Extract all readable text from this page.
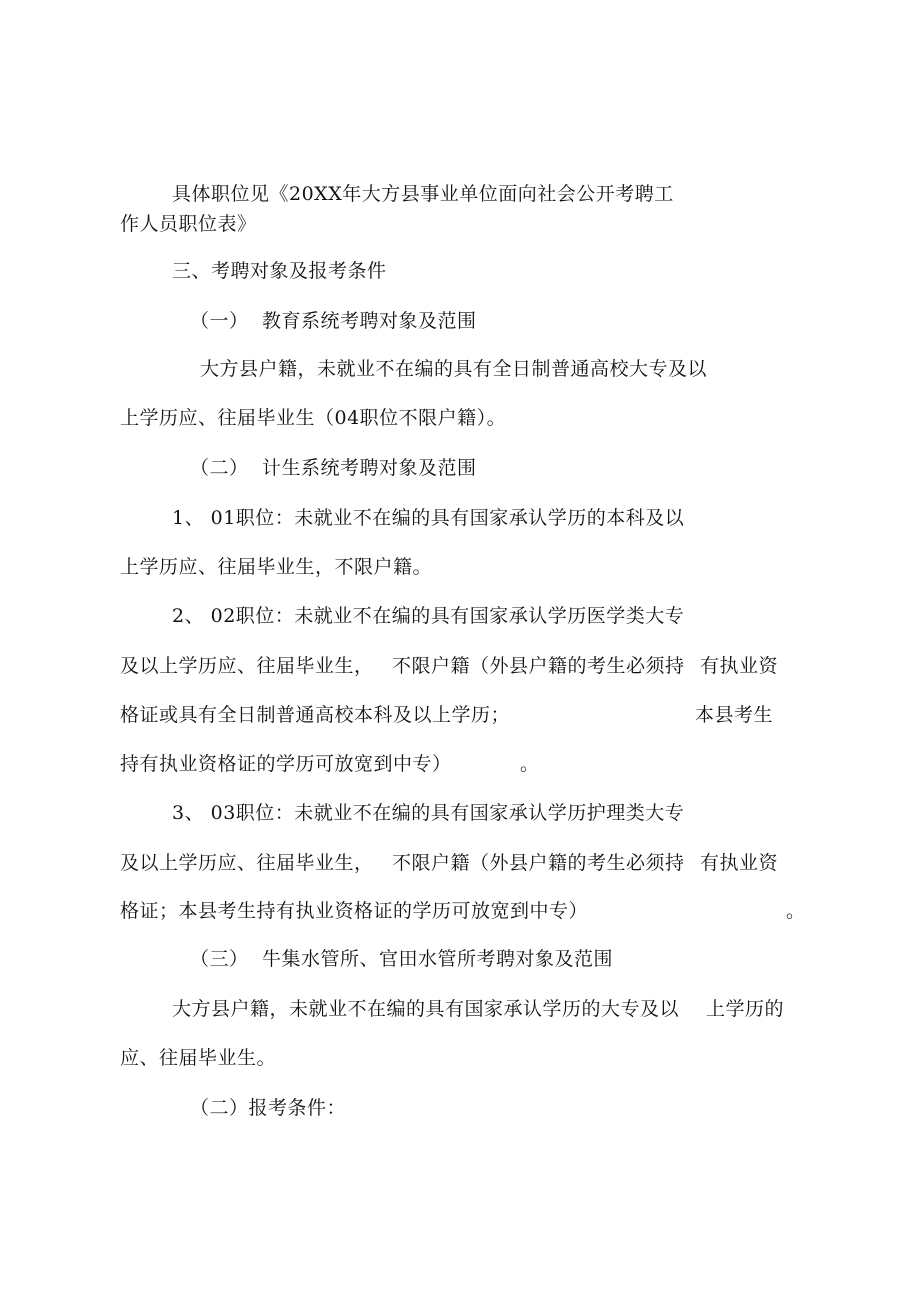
具体职位见《20XX年大方县事业单位面向社会公开考聘工
作人员职位表》
三、考聘对象及报考条件
（一） 教育系统考聘对象及范围
大方县户籍，未就业不在编的具有全日制普通高校大专及以
上学历应、往届毕业生（04职位不限户籍）。
（二） 计生系统考聘对象及范围
1、 01职位：未就业不在编的具有国家承认学历的本科及以
上学历应、往届毕业生，不限户籍。
2、 02职位：未就业不在编的具有国家承认学历医学类大专
及以上学历应、往届毕业生， 不限户籍（外县户籍的考生必须持 有执业资
格证或具有全日制普通高校本科及以上学历；	本县考生
持有执业资格证的学历可放宽到中专）	。
3、 03职位：未就业不在编的具有国家承认学历护理类大专
及以上学历应、往届毕业生， 不限户籍（外县户籍的考生必须持 有执业资
格证；本县考生持有执业资格证的学历可放宽到中专）	。
（三） 牛集水管所、官田水管所考聘对象及范围
大方县户籍，未就业不在编的具有国家承认学历的大专及以 上学历的
应、往届毕业生。
（二）报考条件：
